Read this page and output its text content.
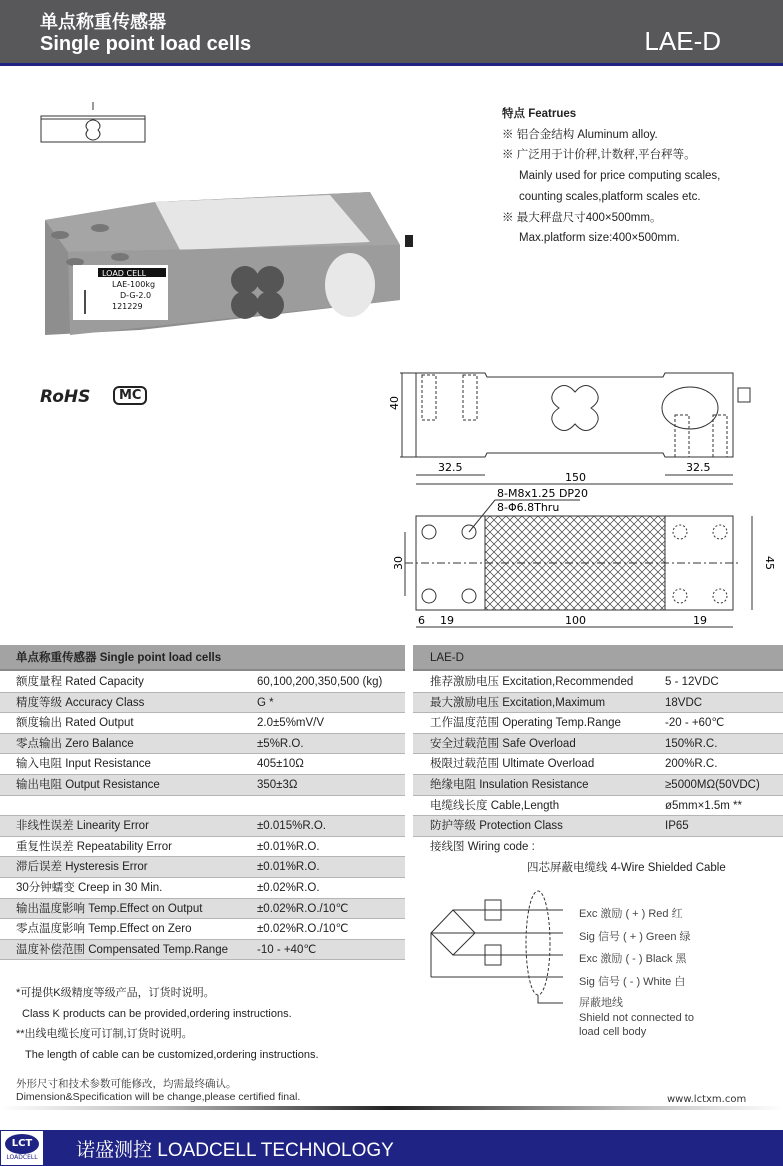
单点称重传感器
Single point load cells	LAE-D
LOAD CELL
LAE-100kg
D-G-2.0
121229
RoHS	MC
特点 Featrues
※ 铝合金结构 Aluminum alloy.
※ 广泛用于计价秤,计数秤,平台秤等。
Mainly used for price computing scales,
counting scales,platform scales etc.
※ 最大秤盘尺寸400×500mm。
Max.platform size:400×500mm.
40
32.5	32.5
150
8-M8x1.25 DP20
8-Φ6.8Thru
30	45
6 19	100	19
单点称重传感器 Single point load cells	LAE-D
额度量程 Rated Capacity	60,100,200,350,500 (kg)
精度等级 Accuracy Class	G *
额度输出 Rated Output	2.0±5%mV/V
零点输出 Zero Balance	±5%R.O.
输入电阻 Input Resistance	405±10Ω
输出电阻 Output Resistance	350±3Ω
非线性误差 Linearity Error	±0.015%R.O.
重复性误差 Repeatability Error	±0.01%R.O.
滞后误差 Hysteresis Error	±0.01%R.O.
30分钟蠕变 Creep in 30 Min.	±0.02%R.O.
输出温度影响 Temp.Effect on Output	±0.02%R.O./10℃
零点温度影响 Temp.Effect on Zero	±0.02%R.O./10℃
温度补偿范围 Compensated Temp.Range	-10 - +40℃
推荐激励电压 Excitation,Recommended	5 - 12VDC
最大激励电压 Excitation,Maximum	18VDC
工作温度范围 Operating Temp.Range	-20 - +60℃
安全过载范围 Safe Overload	150%R.C.
极限过载范围 Ultimate Overload	200%R.C.
绝缘电阻 Insulation Resistance	≥5000MΩ(50VDC)
电缆线长度 Cable,Length	ø5mm×1.5m **
防护等级 Protection Class	IP65
接线图 Wiring code :
四芯屏蔽电缆线 4-Wire Shielded Cable
Exc 激励 ( + ) Red 红
Sig 信号 ( + ) Green 绿
Exc 激励 ( - ) Black 黑
Sig 信号 ( - ) White 白
屏蔽地线
Shield not connected to
load cell body
*可提供K级精度等级产品，订货时说明。
Class K products can be provided,ordering instructions.
**出线电缆长度可订制,订货时说明。
The length of cable can be customized,ordering instructions.
外形尺寸和技术参数可能修改，均需最终确认。
Dimension&Specification will be change,please certified final.	www.lctxm.com
诺盛测控 LOADCELL TECHNOLOGY
LCT
LOADCELL
